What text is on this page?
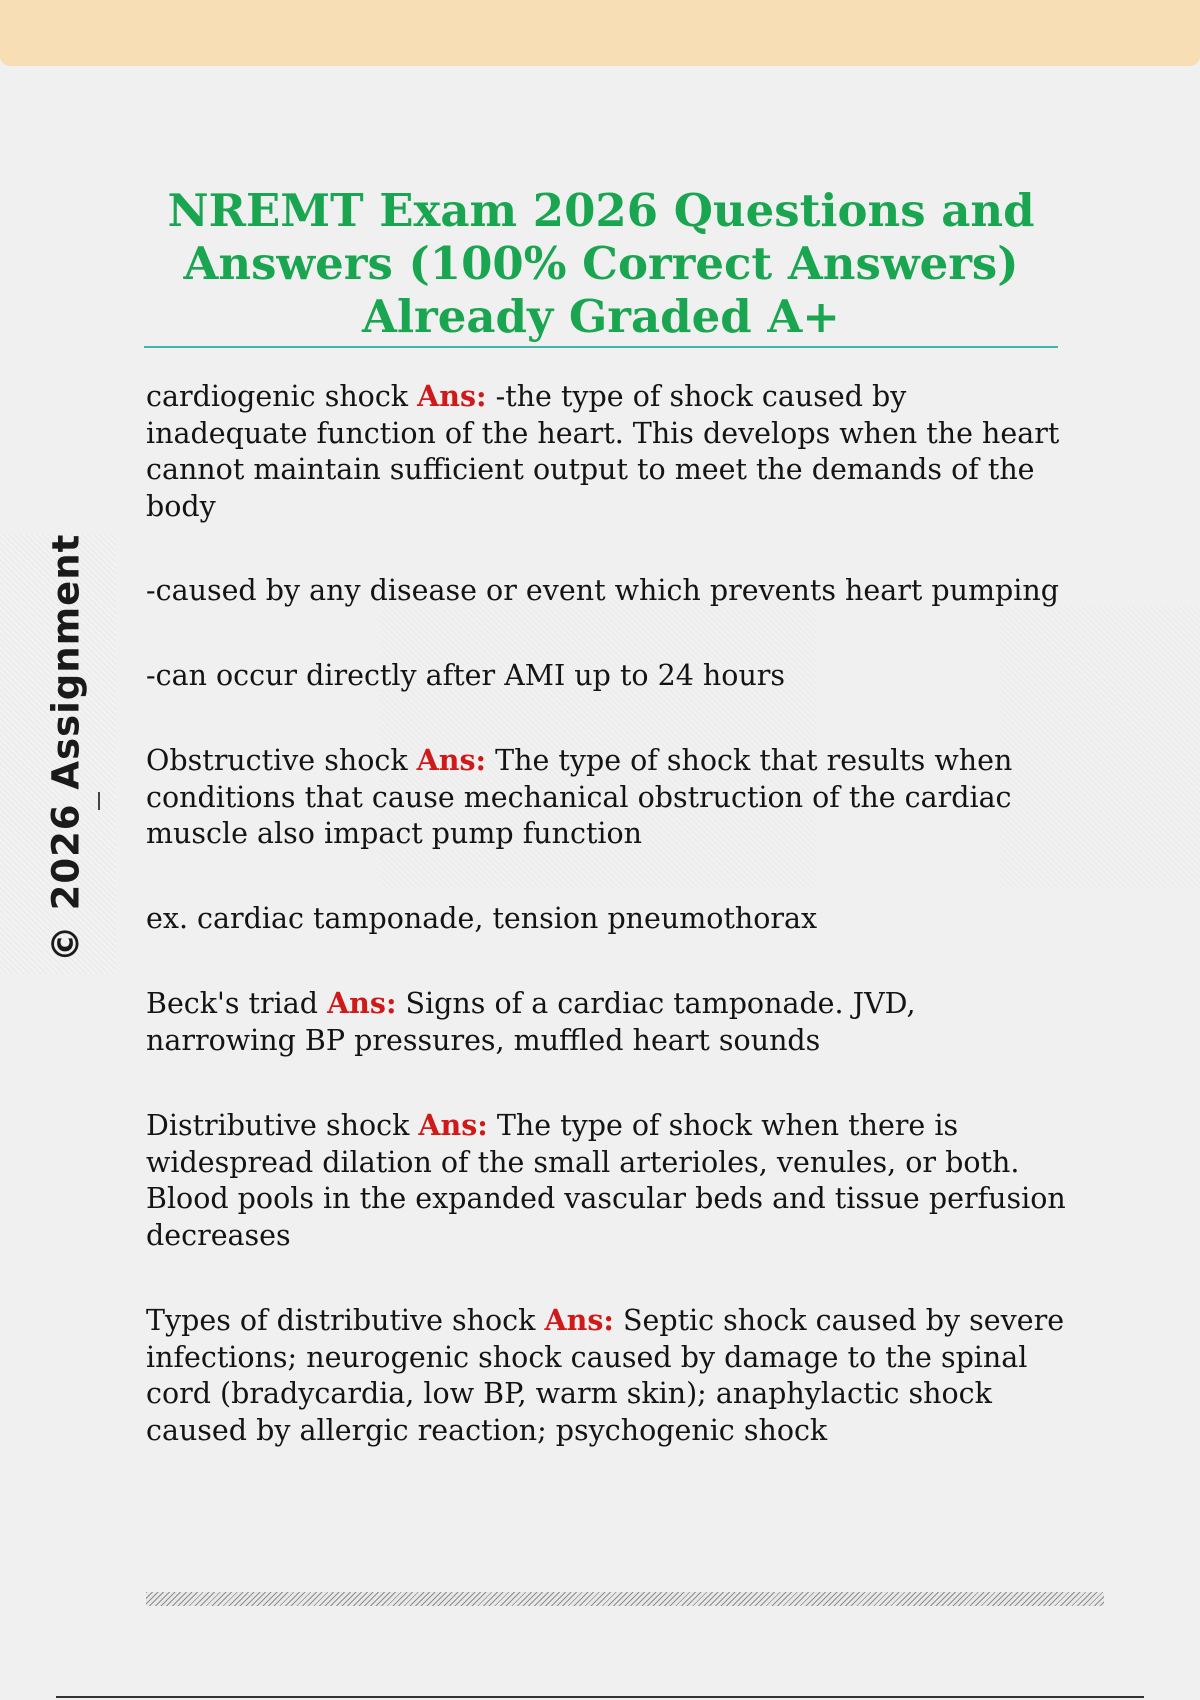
© 2026 Assignment
NREMT Exam 2026 Questions and Answers (100% Correct Answers) Already Graded A+

cardiogenic shock Ans: -the type of shock caused by inadequate function of the heart. This develops when the heart cannot maintain sufficient output to meet the demands of the body

-caused by any disease or event which prevents heart pumping

-can occur directly after AMI up to 24 hours

Obstructive shock Ans: The type of shock that results when conditions that cause mechanical obstruction of the cardiac muscle also impact pump function

ex. cardiac tamponade, tension pneumothorax

Beck's triad Ans: Signs of a cardiac tamponade. JVD, narrowing BP pressures, muffled heart sounds

Distributive shock Ans: The type of shock when there is widespread dilation of the small arterioles, venules, or both. Blood pools in the expanded vascular beds and tissue perfusion decreases

Types of distributive shock Ans: Septic shock caused by severe infections; neurogenic shock caused by damage to the spinal cord (bradycardia, low BP, warm skin); anaphylactic shock caused by allergic reaction; psychogenic shock
